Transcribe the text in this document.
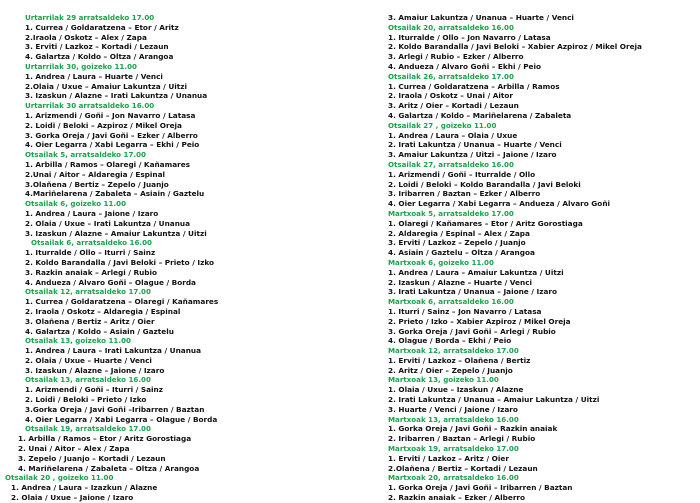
Urtarrilak 29 arratsaldeko 17.00
1. Currea / Goldaratzena – Etor / Aritz
2.Iraola / Oskotz – Alex / Zapa
3. Erviti / Lazkoz – Kortadi / Lezaun
4. Galartza / Koldo – Oltza / Arangoa
Urtarrilak 30, goizeko 11.00
1. Andrea / Laura – Huarte / Venci
2.Olaia / Uxue – Amaiur Lakuntza / Uitzi
3. Izaskun / Alazne – Irati Lakuntza / Unanua
Urtarrilak 30 arratsaldeko 16.00
1. Arizmendi / Goñi – Jon Navarro / Latasa
2. Loidi / Beloki – Azpiroz / Mikel Oreja
3. Gorka Oreja / Javi Goñi – Ezker / Alberro
4. Oier Legarra / Xabi Legarra – Ekhi / Peio
Otsailak 5, arratsaldeko 17.00
1. Arbilla / Ramos – Olaregi / Kañamares
2.Unai / Aitor – Aldaregia / Espinal
3.Olañena / Bertiz – Zepelo / Juanjo
4.Mariñelarena / Zabaleta – Asiain / Gaztelu
Otsailak 6, goizeko 11.00
1. Andrea / Laura – Jaione / Izaro
2. Olaia / Uxue – Irati Lakuntza / Unanua
3. Izaskun / Alazne – Amaiur Lakuntza / Uitzi
Otsailak 6, arratsaldeko 16.00
1. Iturralde / Ollo – Iturri / Sainz
2. Koldo Barandalla / Javi Beloki – Prieto / Izko
3. Razkin anaiak – Arlegi / Rubio
4. Andueza / Alvaro Goñi – Olague / Borda
Otsailak 12, arratsaldeko 17.00
1. Currea / Goldaratzena – Olaregi / Kañamares
2. Iraola / Oskotz – Aldaregia / Espinal
3. Olañena / Bertiz – Aritz / Oier
4. Galartza / Koldo – Asiain / Gaztelu
Otsailak 13, goizeko 11.00
1. Andrea / Laura – Irati Lakuntza / Unanua
2. Olaia / Uxue – Huarte / Venci
3. Izaskun / Alazne – Jaione / Izaro
Otsailak 13, arratsaldeko 16.00
1. Arizmendi / Goñi – Iturri / Sainz
2. Loidi / Beloki – Prieto / Izko
3.Gorka Oreja / Javi Goñi –Iribarren / Baztan
4. Oier Legarra / Xabi Legarra – Olague / Borda
Otsailak 19, arratsaldeko 17.00
1. Arbilla / Ramos – Etor / Aritz Gorostiaga
2. Unai / Aitor – Alex / Zapa
3. Zepelo / Juanjo – Kortadi / Lezaun
4. Mariñelarena / Zabaleta – Oltza / Arangoa
Otsailak 20 , goizeko 11.00
1. Andrea / Laura – Izazkun / Alazne
2. Olaia / Uxue – Jaione / Izaro
3. Amaiur Lakuntza / Unanua – Huarte / Venci
Otsailak 20, arratsaldeko 16.00
1. Iturralde / Ollo – Jon Navarro / Latasa
2. Koldo Barandalla / Javi Beloki – Xabier Azpiroz / Mikel Oreja
3. Arlegi / Rubio – Ezker / Alberro
4. Andueza / Alvaro Goñi – Ekhi / Peio
Otsailak 26, arratsaldeko 17.00
1. Currea / Goldaratzena – Arbilla / Ramos
2. Iraola / Oskotz – Unai / Aitor
3. Aritz / Oier – Kortadi / Lezaun
4. Galartza / Koldo – Mariñelarena / Zabaleta
Otsailak 27 , goizeko 11.00
1. Andrea / Laura – Olaia / Uxue
2. Irati Lakuntza / Unanua – Huarte / Venci
3. Amaiur Lakuntza / Uitzi – Jaione / Izaro
Otsailak 27, arratsaldeko 16.00
1. Arizmendi / Goñi – Iturralde / Ollo
2. Loidi / Beloki – Koldo Barandalla / Javi Beloki
3. Iribarren / Baztan – Ezker / Alberro
4. Oier Legarra / Xabi Legarra – Andueza / Alvaro Goñi
Martxoak 5, arratsaldeko 17.00
1. Olaregi / Kañamares – Etor / Aritz Gorostiaga
2. Aldaregia / Espinal – Alex / Zapa
3. Erviti / Lazkoz – Zepelo / Juanjo
4. Asiain / Gaztelu – Oltza / Arangoa
Martxoak 6, goizeko 11.00
1. Andrea / Laura – Amaiur Lakuntza / Uitzi
2. Izaskun / Alazne – Huarte / Venci
3. Irati Lakuntza / Unanua – Jaione / Izaro
Martxoak 6, arratsaldeko 16.00
1. Iturri / Sainz – Jon Navarro / Latasa
2. Prieto / Izko – Xabier Azpiroz / Mikel Oreja
3. Gorka Oreja / Javi Goñi – Arlegi / Rubio
4. Olague / Borda – Ekhi / Peio
Martxoak 12, arratsaldeko 17.00
1. Erviti / Lazkoz – Olañena / Bertiz
2. Aritz / Oier – Zepelo / Juanjo
Martxoak 13, goizeko 11.00
1. Olaia / Uxue – Izaskun / Alazne
2. Irati Lakuntza / Unanua – Amaiur Lakuntza / Uitzi
3. Huarte / Venci / Jaione / Izaro
Martxoak 13, arratsaldeko 16.00
1. Gorka Oreja / Javi Goñi – Razkin anaiak
2. Iribarren / Baztan – Arlegi / Rubio
Martxoak 19, arratsaldeko 17.00
1. Erviti / Lazkoz – Aritz / Oier
2.Olañena / Bertiz – Kortadi / Lezaun
Martxoak 20, arratsaldeko 16.00
1. Gorka Oreja / Javi Goñi – Iribarren / Baztan
2. Razkin anaiak – Ezker / Alberro
